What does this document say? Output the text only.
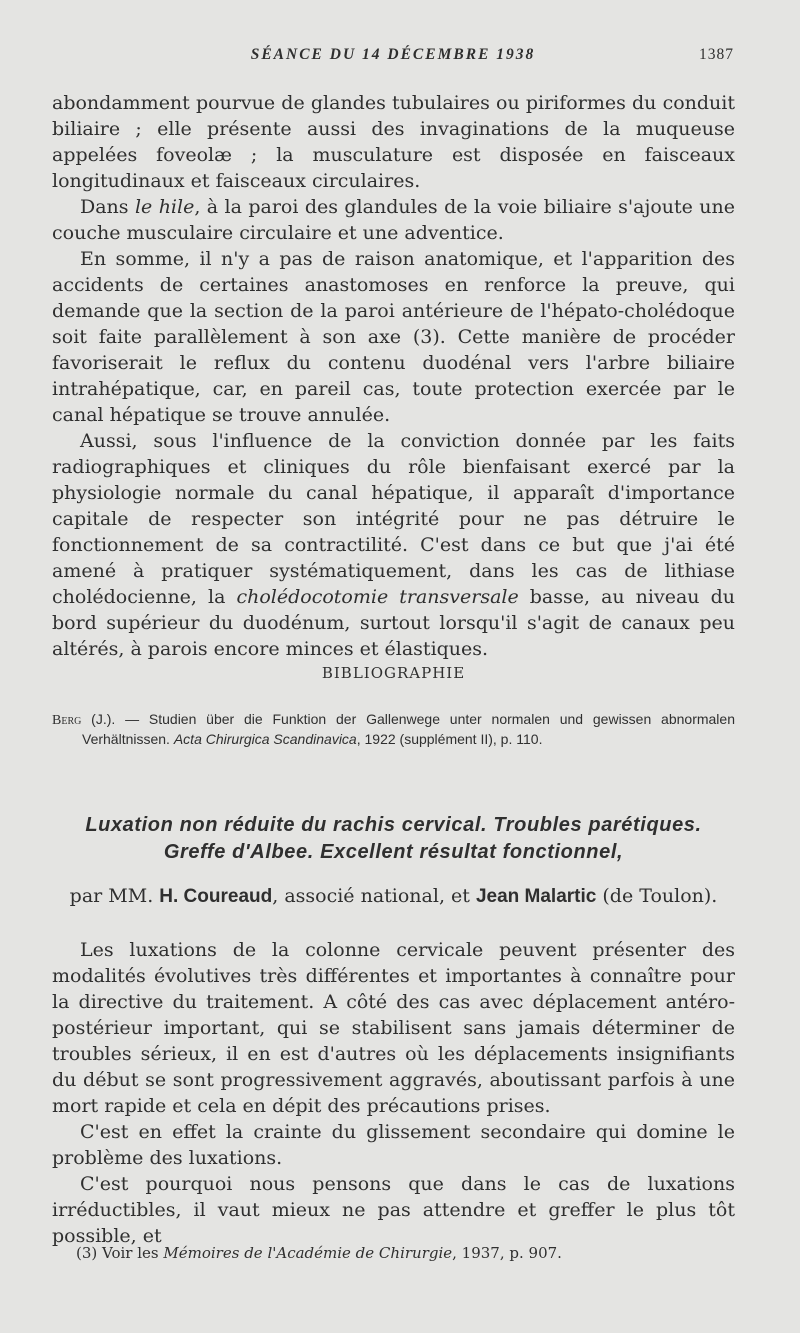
SÉANCE DU 14 DÉCEMBRE 1938	1387

abondamment pourvue de glandes tubulaires ou piriformes du conduit biliaire ; elle présente aussi des invaginations de la muqueuse appelées foveolæ ; la musculature est disposée en faisceaux longitudinaux et faisceaux circulaires.

Dans le hile, à la paroi des glandules de la voie biliaire s'ajoute une couche musculaire circulaire et une adventice.

En somme, il n'y a pas de raison anatomique, et l'apparition des accidents de certaines anastomoses en renforce la preuve, qui demande que la section de la paroi antérieure de l'hépato-cholédoque soit faite parallèlement à son axe (3). Cette manière de procéder favoriserait le reflux du contenu duodénal vers l'arbre biliaire intrahépatique, car, en pareil cas, toute protection exercée par le canal hépatique se trouve annulée.

Aussi, sous l'influence de la conviction donnée par les faits radiographiques et cliniques du rôle bienfaisant exercé par la physiologie normale du canal hépatique, il apparaît d'importance capitale de respecter son intégrité pour ne pas détruire le fonctionnement de sa contractilité. C'est dans ce but que j'ai été amené à pratiquer systématiquement, dans les cas de lithiase cholédocienne, la cholédocotomie transversale basse, au niveau du bord supérieur du duodénum, surtout lorsqu'il s'agit de canaux peu altérés, à parois encore minces et élastiques.

BIBLIOGRAPHIE
Berg (J.). — Studien über die Funktion der Gallenwege unter normalen und gewissen abnormalen Verhältnissen. Acta Chirurgica Scandinavica, 1922 (supplément II), p. 110.
Luxation non réduite du rachis cervical. Troubles parétiques.
Greffe d'Albee. Excellent résultat fonctionnel,
par MM. H. Coureaud, associé national, et Jean Malartic (de Toulon).

Les luxations de la colonne cervicale peuvent présenter des modalités évolutives très différentes et importantes à connaître pour la directive du traitement. A côté des cas avec déplacement antéro-postérieur important, qui se stabilisent sans jamais déterminer de troubles sérieux, il en est d'autres où les déplacements insignifiants du début se sont progressivement aggravés, aboutissant parfois à une mort rapide et cela en dépit des précautions prises.

C'est en effet la crainte du glissement secondaire qui domine le problème des luxations.

C'est pourquoi nous pensons que dans le cas de luxations irréductibles, il vaut mieux ne pas attendre et greffer le plus tôt possible, et

(3) Voir les Mémoires de l'Académie de Chirurgie, 1937, p. 907.
